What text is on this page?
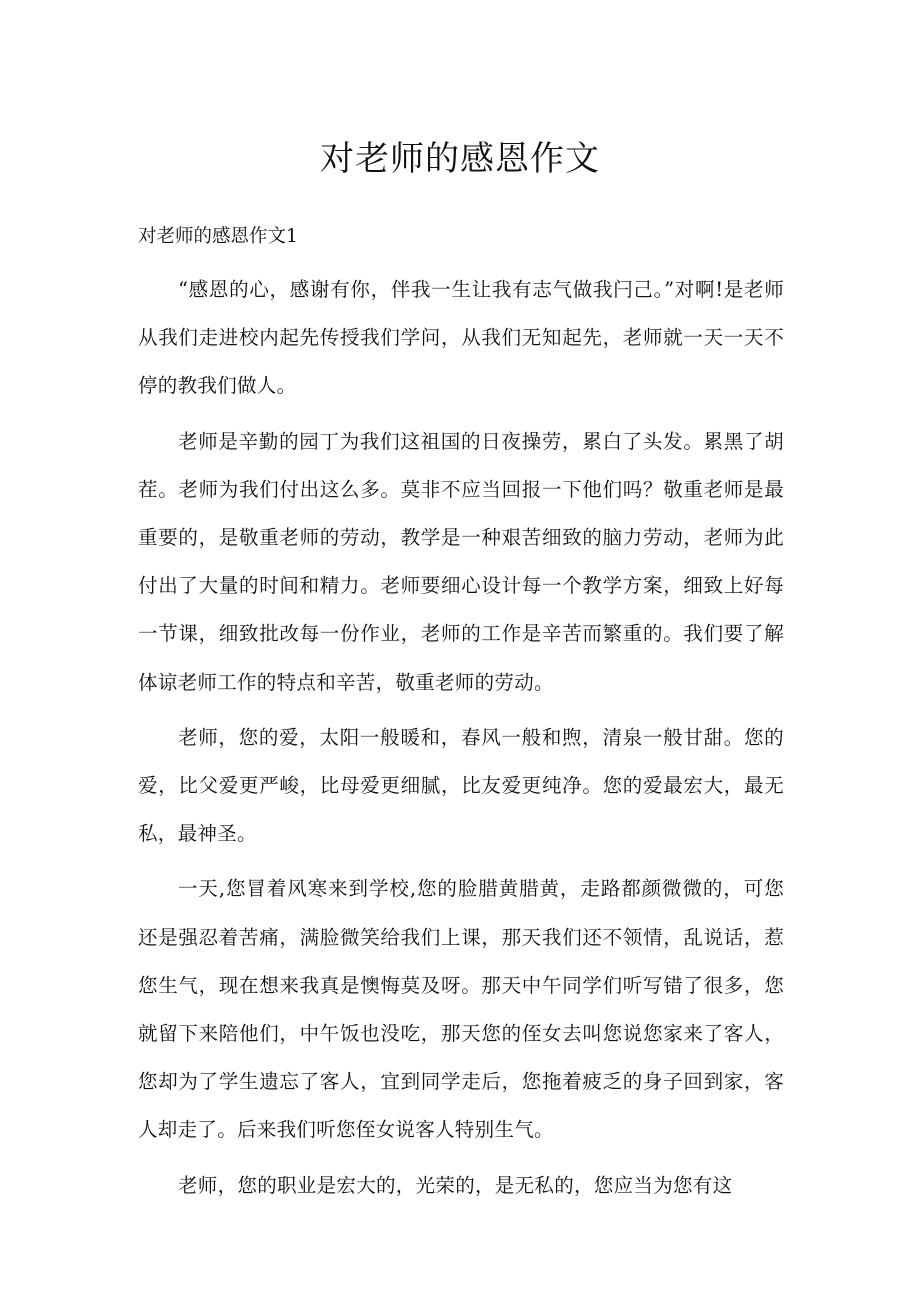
对老师的感恩作文
对老师的感恩作文1

“感恩的心，感谢有你，伴我一生让我有志气做我闩己。”对啊!是老师从我们走进校内起先传授我们学问，从我们无知起先，老师就一天一天不停的教我们做人。

老师是辛勤的园丁为我们这祖国的日夜操劳，累白了头发。累黑了胡茬。老师为我们付出这么多。莫非不应当回报一下他们吗？敬重老师是最重要的，是敬重老师的劳动，教学是一种艰苦细致的脑力劳动，老师为此付出了大量的时间和精力。老师要细心设计每一个教学方案，细致上好每一节课，细致批改每一份作业，老师的工作是辛苦而繁重的。我们要了解体谅老师工作的特点和辛苦，敬重老师的劳动。

老师，您的爱，太阳一般暖和，春风一般和煦，清泉一般甘甜。您的爱，比父爱更严峻，比母爱更细腻，比友爱更纯净。您的爱最宏大，最无私，最神圣。

一天,您冒着风寒来到学校,您的脸腊黄腊黄，走路都颜微微的，可您还是强忍着苦痛，满脸微笑给我们上课，那天我们还不领情，乱说话，惹您生气，现在想来我真是懊悔莫及呀。那天中午同学们听写错了很多，您就留下来陪他们，中午饭也没吃，那天您的侄女去叫您说您家来了客人，您却为了学生遗忘了客人，宜到同学走后，您拖着疲乏的身子回到家，客人却走了。后来我们听您侄女说客人特别生气。

老师，您的职业是宏大的，光荣的，是无私的，您应当为您有这
